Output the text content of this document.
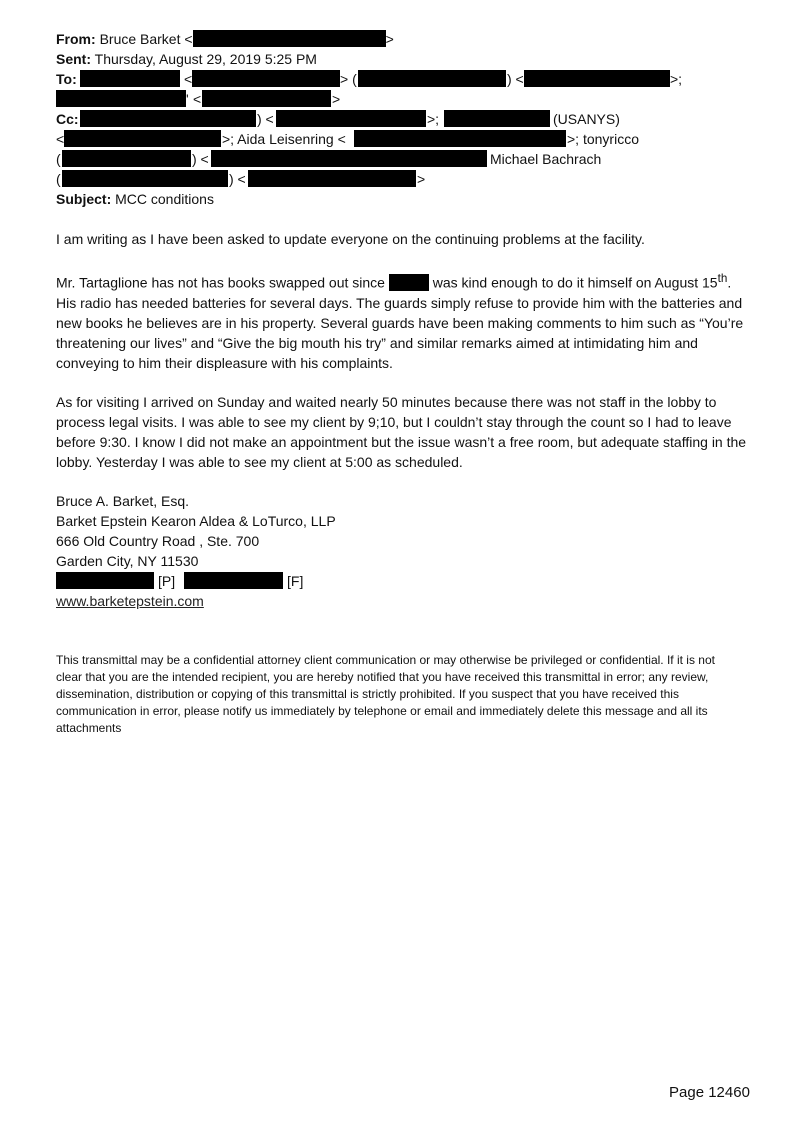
From: Bruce Barket <	>
Sent: Thursday, August 29, 2019 5:25 PM
To:	<	> (	) <	>;
' <	>
Cc:	) <	>;	(USANYS)
<	>; Aida Leisenring <	>; tonyricco
(	) <	Michael Bachrach
(	) <	>
Subject: MCC conditions

I am writing as I have been asked to update everyone on the continuing problems at the facility.

Mr. Tartaglione has not has books swapped out since	was kind enough to do it himself on August 15th. His radio has needed batteries for several days. The guards simply refuse to provide him with the batteries and new books he believes are in his property. Several guards have been making comments to him such as “You’re threatening our lives” and “Give the big mouth his try” and similar remarks aimed at intimidating him and conveying to him their displeasure with his complaints.

As for visiting I arrived on Sunday and waited nearly 50 minutes because there was not staff in the lobby to process legal visits. I was able to see my client by 9;10, but I couldn’t stay through the count so I had to leave before 9:30. I know I did not make an appointment but the issue wasn’t a free room, but adequate staffing in the lobby. Yesterday I was able to see my client at 5:00 as scheduled.

Bruce A. Barket, Esq.
Barket Epstein Kearon Aldea & LoTurco, LLP
666 Old Country Road , Ste. 700
Garden City, NY 11530
[P]	[F]
www.barketepstein.com

This transmittal may be a confidential attorney client communication or may otherwise be privileged or confidential. If it is not clear that you are the intended recipient, you are hereby notified that you have received this transmittal in error; any review, dissemination, distribution or copying of this transmittal is strictly prohibited. If you suspect that you have received this communication in error, please notify us immediately by telephone or email and immediately delete this message and all its attachments

Page 12460
